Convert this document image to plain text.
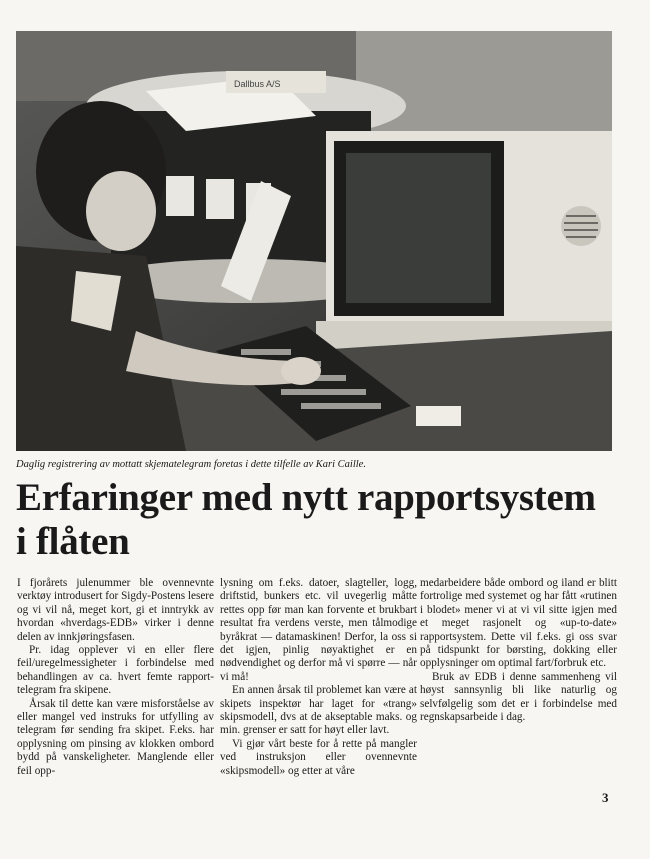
Dallbus A/S
Daglig registrering av mottatt skjematelegram foretas i dette tilfelle av Kari Caille.
Erfaringer med nytt rapportsystem
i flåten

I fjorårets julenummer ble ovennevnte verktøy introdusert for Sigdy-Postens lesere og vi vil nå, meget kort, gi et inntrykk av hvordan «hverdags-EDB» virker i denne delen av innkjøringsfasen.

Pr. idag opplever vi en eller flere feil/uregelmessigheter i forbindelse med behandlingen av ca. hvert femte rapport-telegram fra skipene.

Årsak til dette kan være misforståelse av eller mangel ved instruks for utfylling av telegram før sending fra skipet. F.eks. har opplysning om pinsing av klokken ombord bydd på vanskeligheter. Manglende eller feil opp-

lysning om f.eks. datoer, slagteller, logg, driftstid, bunkers etc. vil uvegerlig måtte rettes opp før man kan forvente et brukbart resultat fra verdens verste, men tålmodige byråkrat — datamaskinen! Derfor, la oss si det igjen, pinlig nøyaktighet er en nødvendighet og derfor må vi spørre — når vi må!

En annen årsak til problemet kan være at skipets inspektør har laget for «trang» skipsmodell, dvs at de akseptable maks. og min. grenser er satt for høyt eller lavt.

Vi gjør vårt beste for å rette på mangler ved instruksjon eller ovennevnte «skipsmodell» og etter at våre

medarbeidere både ombord og iland er blitt fortrolige med systemet og har fått «rutinen i blodet» mener vi at vi vil sitte igjen med et meget rasjonelt og «up-to-date» rapportsystem. Dette vil f.eks. gi oss svar på tidspunkt for børsting, dokking eller opplysninger om optimal fart/forbruk etc.

Bruk av EDB i denne sammenheng vil høyst sannsynlig bli like naturlig og selvfølgelig som det er i forbindelse med regnskapsarbeide i dag.

3
